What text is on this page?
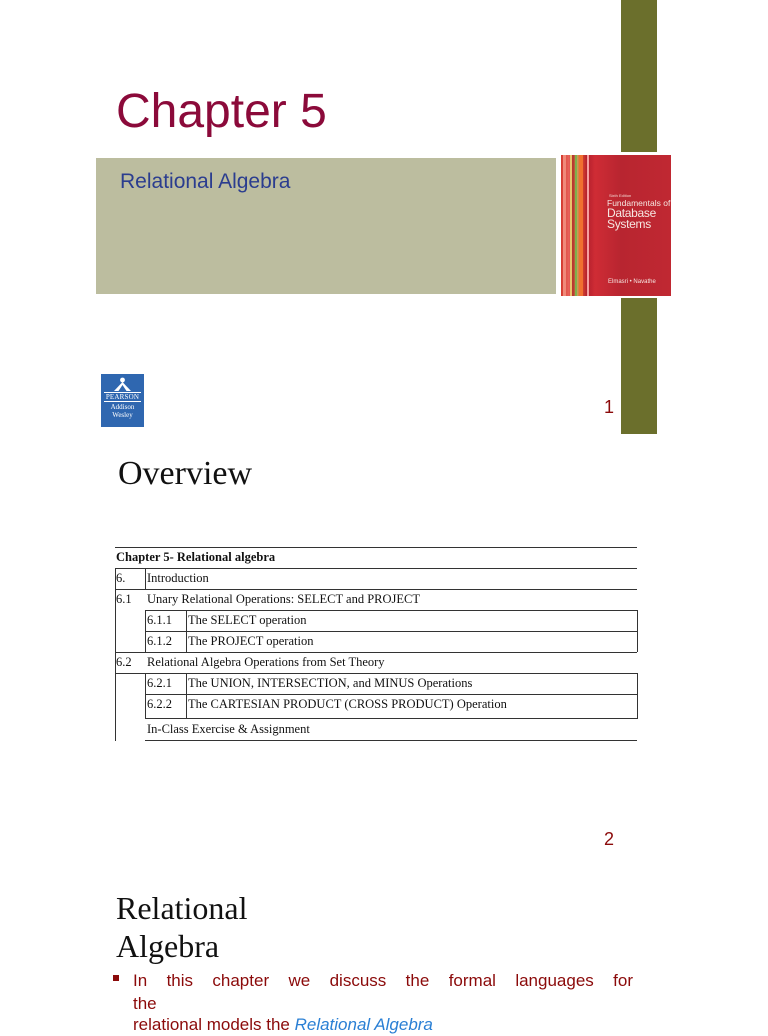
Chapter 5
Relational Algebra
Sixth Edition
Fundamentals of
Database
Systems
Elmasri • Navathe
PEARSON
Addison
Wesley	1
Overview
Chapter 5- Relational algebra
6. Introduction
6.1 Unary Relational Operations: SELECT and PROJECT
6.1.1 The SELECT operation
6.1.2 The PROJECT operation
6.2 Relational Algebra Operations from Set Theory
6.2.1 The UNION, INTERSECTION, and MINUS Operations
6.2.2 The CARTESIAN PRODUCT (CROSS PRODUCT) Operation
In-Class Exercise & Assignment
2
Relational Algebra
In this chapter we discuss the formal languages for
the
relational models the Relational Algebra
